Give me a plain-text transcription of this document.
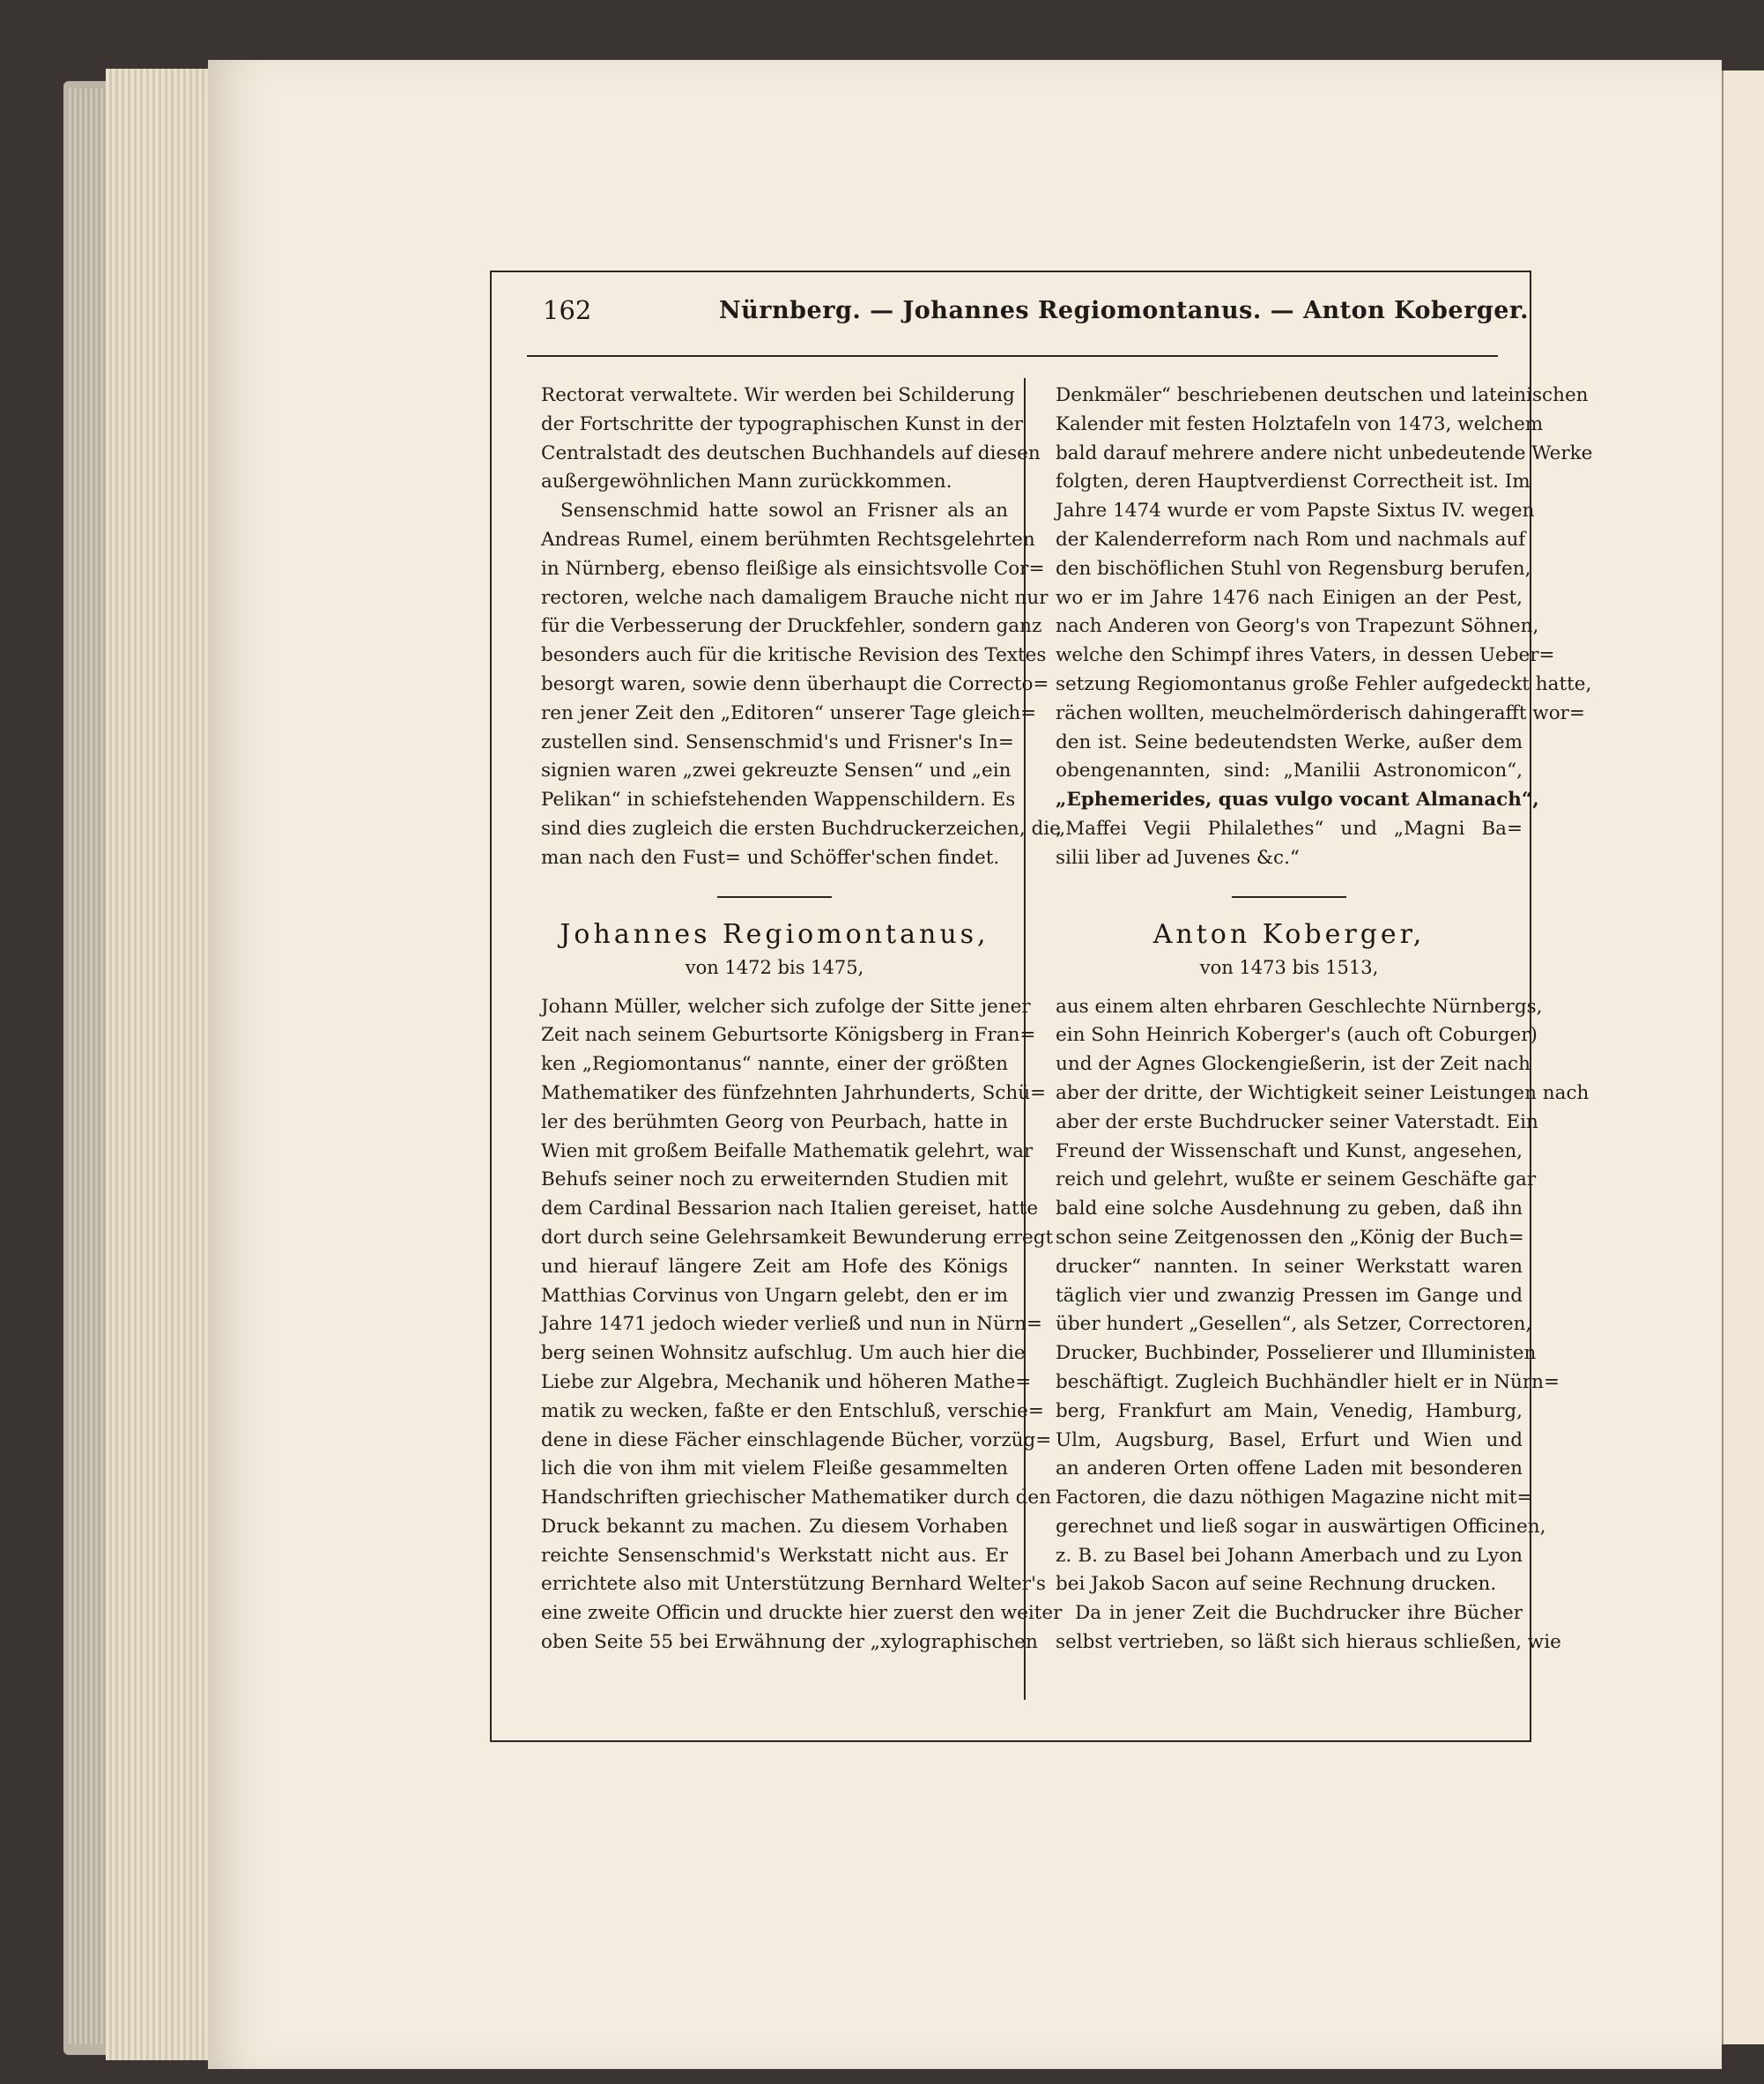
162	Nürnberg. — Johannes Regiomontanus. — Anton Koberger.
Rectorat verwaltete. Wir werden bei Schilderung
der Fortschritte der typographischen Kunst in der
Centralstadt des deutschen Buchhandels auf diesen
außergewöhnlichen Mann zurückkommen.
Sensenschmid hatte sowol an Frisner als an
Andreas Rumel, einem berühmten Rechtsgelehrten
in Nürnberg, ebenso fleißige als einsichtsvolle Cor=
rectoren, welche nach damaligem Brauche nicht nur
für die Verbesserung der Druckfehler, sondern ganz
besonders auch für die kritische Revision des Textes
besorgt waren, sowie denn überhaupt die Correcto=
ren jener Zeit den „Editoren“ unserer Tage gleich=
zustellen sind. Sensenschmid's und Frisner's In=
signien waren „zwei gekreuzte Sensen“ und „ein
Pelikan“ in schiefstehenden Wappenschildern. Es
sind dies zugleich die ersten Buchdruckerzeichen, die
man nach den Fust= und Schöffer'schen findet.
Johannes Regiomontanus,
von 1472 bis 1475,
Johann Müller, welcher sich zufolge der Sitte jener
Zeit nach seinem Geburtsorte Königsberg in Fran=
ken „Regiomontanus“ nannte, einer der größten
Mathematiker des fünfzehnten Jahrhunderts, Schü=
ler des berühmten Georg von Peurbach, hatte in
Wien mit großem Beifalle Mathematik gelehrt, war
Behufs seiner noch zu erweiternden Studien mit
dem Cardinal Bessarion nach Italien gereiset, hatte
dort durch seine Gelehrsamkeit Bewunderung erregt
und hierauf längere Zeit am Hofe des Königs
Matthias Corvinus von Ungarn gelebt, den er im
Jahre 1471 jedoch wieder verließ und nun in Nürn=
berg seinen Wohnsitz aufschlug. Um auch hier die
Liebe zur Algebra, Mechanik und höheren Mathe=
matik zu wecken, faßte er den Entschluß, verschie=
dene in diese Fächer einschlagende Bücher, vorzüg=
lich die von ihm mit vielem Fleiße gesammelten
Handschriften griechischer Mathematiker durch den
Druck bekannt zu machen. Zu diesem Vorhaben
reichte Sensenschmid's Werkstatt nicht aus. Er
errichtete also mit Unterstützung Bernhard Welter's
eine zweite Officin und druckte hier zuerst den weiter
oben Seite 55 bei Erwähnung der „xylographischen
Denkmäler“ beschriebenen deutschen und lateinischen
Kalender mit festen Holztafeln von 1473, welchem
bald darauf mehrere andere nicht unbedeutende Werke
folgten, deren Hauptverdienst Correctheit ist. Im
Jahre 1474 wurde er vom Papste Sixtus IV. wegen
der Kalenderreform nach Rom und nachmals auf
den bischöflichen Stuhl von Regensburg berufen,
wo er im Jahre 1476 nach Einigen an der Pest,
nach Anderen von Georg's von Trapezunt Söhnen,
welche den Schimpf ihres Vaters, in dessen Ueber=
setzung Regiomontanus große Fehler aufgedeckt hatte,
rächen wollten, meuchelmörderisch dahingerafft wor=
den ist. Seine bedeutendsten Werke, außer dem
obengenannten, sind: „Manilii Astronomicon“,
„Ephemerides, quas vulgo vocant Almanach“,
„Maffei Vegii Philalethes“ und „Magni Ba=
silii liber ad Juvenes &c.“
Anton Koberger,
von 1473 bis 1513,
aus einem alten ehrbaren Geschlechte Nürnbergs,
ein Sohn Heinrich Koberger's (auch oft Coburger)
und der Agnes Glockengießerin, ist der Zeit nach
aber der dritte, der Wichtigkeit seiner Leistungen nach
aber der erste Buchdrucker seiner Vaterstadt. Ein
Freund der Wissenschaft und Kunst, angesehen,
reich und gelehrt, wußte er seinem Geschäfte gar
bald eine solche Ausdehnung zu geben, daß ihn
schon seine Zeitgenossen den „König der Buch=
drucker“ nannten. In seiner Werkstatt waren
täglich vier und zwanzig Pressen im Gange und
über hundert „Gesellen“, als Setzer, Correctoren,
Drucker, Buchbinder, Posselierer und Illuministen
beschäftigt. Zugleich Buchhändler hielt er in Nürn=
berg, Frankfurt am Main, Venedig, Hamburg,
Ulm, Augsburg, Basel, Erfurt und Wien und
an anderen Orten offene Laden mit besonderen
Factoren, die dazu nöthigen Magazine nicht mit=
gerechnet und ließ sogar in auswärtigen Officinen,
z. B. zu Basel bei Johann Amerbach und zu Lyon
bei Jakob Sacon auf seine Rechnung drucken.
Da in jener Zeit die Buchdrucker ihre Bücher
selbst vertrieben, so läßt sich hieraus schließen, wie
